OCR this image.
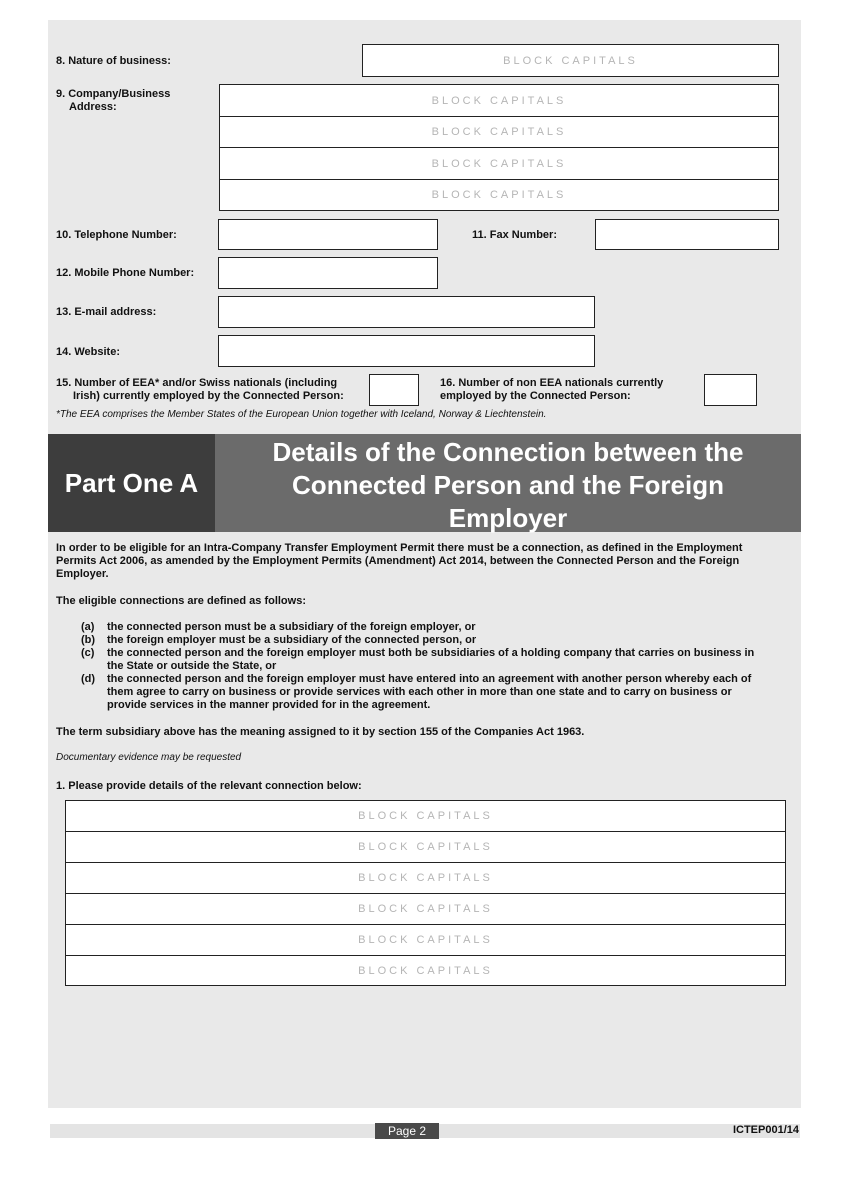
8. Nature of business:	BLOCK CAPITALS
9. Company/Business
Address:
BLOCK CAPITALS
BLOCK CAPITALS
BLOCK CAPITALS
BLOCK CAPITALS
10. Telephone Number:	11. Fax Number:
12. Mobile Phone Number:
13. E-mail address:
14. Website:
15. Number of EEA* and/or Swiss nationals (including
Irish) currently employed by the Connected Person:
16. Number of non EEA nationals currently
employed by the Connected Person:
*The EEA comprises the Member States of the European Union together with Iceland, Norway & Liechtenstein.
Part One A
Details of the Connection between the
Connected Person and the Foreign
Employer
In order to be eligible for an Intra-Company Transfer Employment Permit there must be a connection, as defined in the Employment
Permits Act 2006, as amended by the Employment Permits (Amendment) Act 2014, between the Connected Person and the Foreign
Employer.
The eligible connections are defined as follows:
(a) the connected person must be a subsidiary of the foreign employer, or
(b) the foreign employer must be a subsidiary of the connected person, or
(c) the connected person and the foreign employer must both be subsidiaries of a holding company that carries on business in
the State or outside the State, or
(d) the connected person and the foreign employer must have entered into an agreement with another person whereby each of
them agree to carry on business or provide services with each other in more than one state and to carry on business or
provide services in the manner provided for in the agreement.
The term subsidiary above has the meaning assigned to it by section 155 of the Companies Act 1963.
Documentary evidence may be requested
1. Please provide details of the relevant connection below:
BLOCK CAPITALS
BLOCK CAPITALS
BLOCK CAPITALS
BLOCK CAPITALS
BLOCK CAPITALS
BLOCK CAPITALS
Page 2	ICTEP001/14
